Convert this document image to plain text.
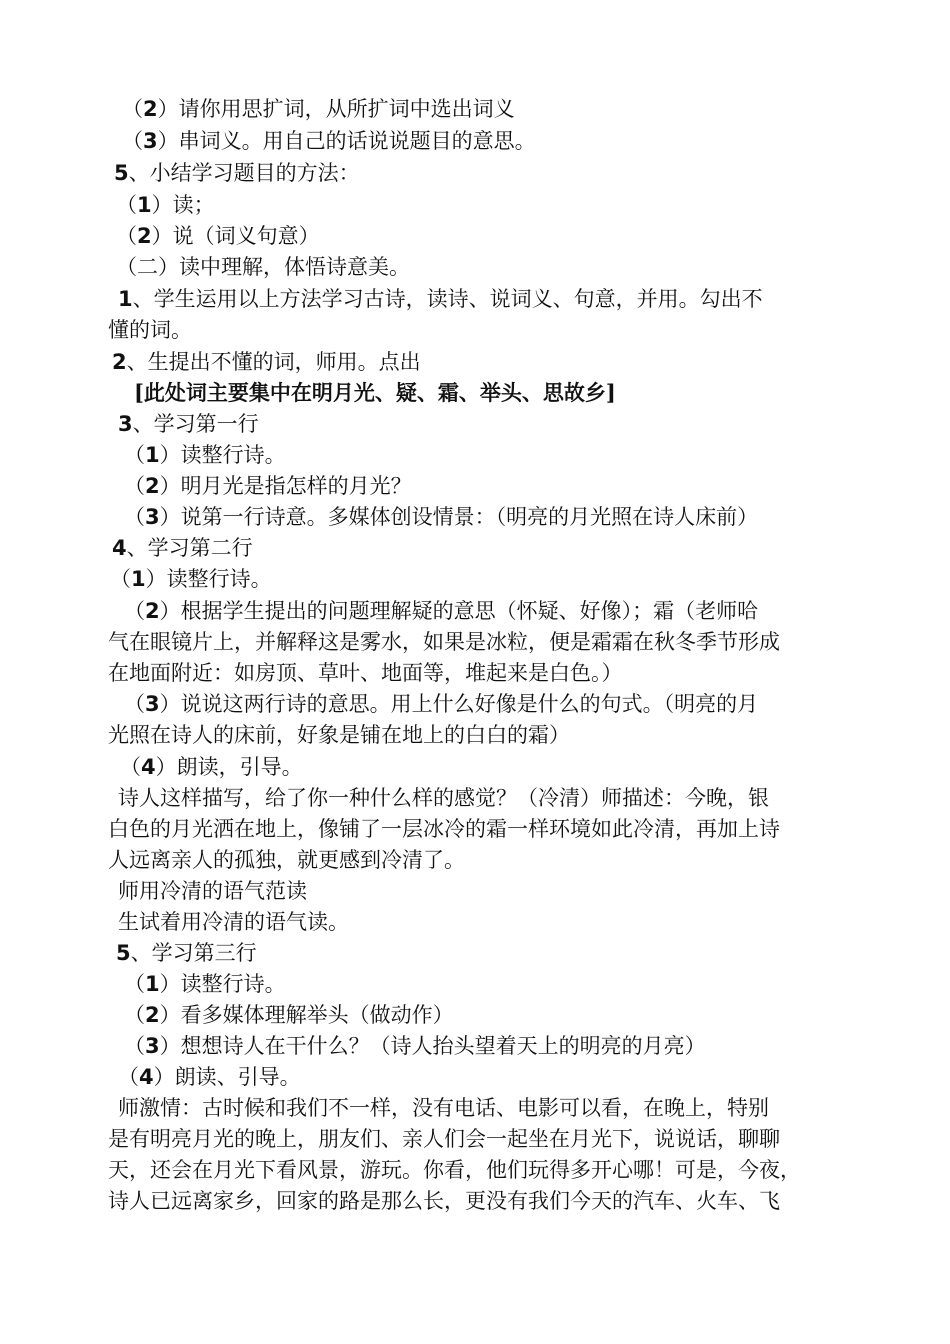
（2）请你用思扩词，从所扩词中选出词义
（3）串词义。用自己的话说说题目的意思。
5、小结学习题目的方法：
（1）读；
（2）说（词义句意）
（二）读中理解，体悟诗意美。
1、学生运用以上方法学习古诗，读诗、说词义、句意，并用。勾出不
懂的词。
2、生提出不懂的词，师用。点出
[此处词主要集中在明月光、疑、霜、举头、思故乡]
3、学习第一行
（1）读整行诗。
（2）明月光是指怎样的月光？
（3）说第一行诗意。多媒体创设情景：（明亮的月光照在诗人床前）
4、学习第二行
（1）读整行诗。
（2）根据学生提出的问题理解疑的意思（怀疑、好像）；霜（老师哈
气在眼镜片上，并解释这是雾水，如果是冰粒，便是霜霜在秋冬季节形成
在地面附近：如房顶、草叶、地面等，堆起来是白色。）
（3）说说这两行诗的意思。用上什么好像是什么的句式。（明亮的月
光照在诗人的床前，好象是铺在地上的白白的霜）
（4）朗读，引导。
诗人这样描写，给了你一种什么样的感觉？（冷清）师描述：今晚，银
白色的月光洒在地上，像铺了一层冰冷的霜一样环境如此冷清，再加上诗
人远离亲人的孤独，就更感到冷清了。
师用冷清的语气范读
生试着用冷清的语气读。
5、学习第三行
（1）读整行诗。
（2）看多媒体理解举头（做动作）
（3）想想诗人在干什么？（诗人抬头望着天上的明亮的月亮）
（4）朗读、引导。
师激情：古时候和我们不一样，没有电话、电影可以看，在晚上，特别
是有明亮月光的晚上，朋友们、亲人们会一起坐在月光下，说说话，聊聊
天，还会在月光下看风景，游玩。你看，他们玩得多开心哪！可是，今夜，
诗人已远离家乡，回家的路是那么长，更没有我们今天的汽车、火车、飞
